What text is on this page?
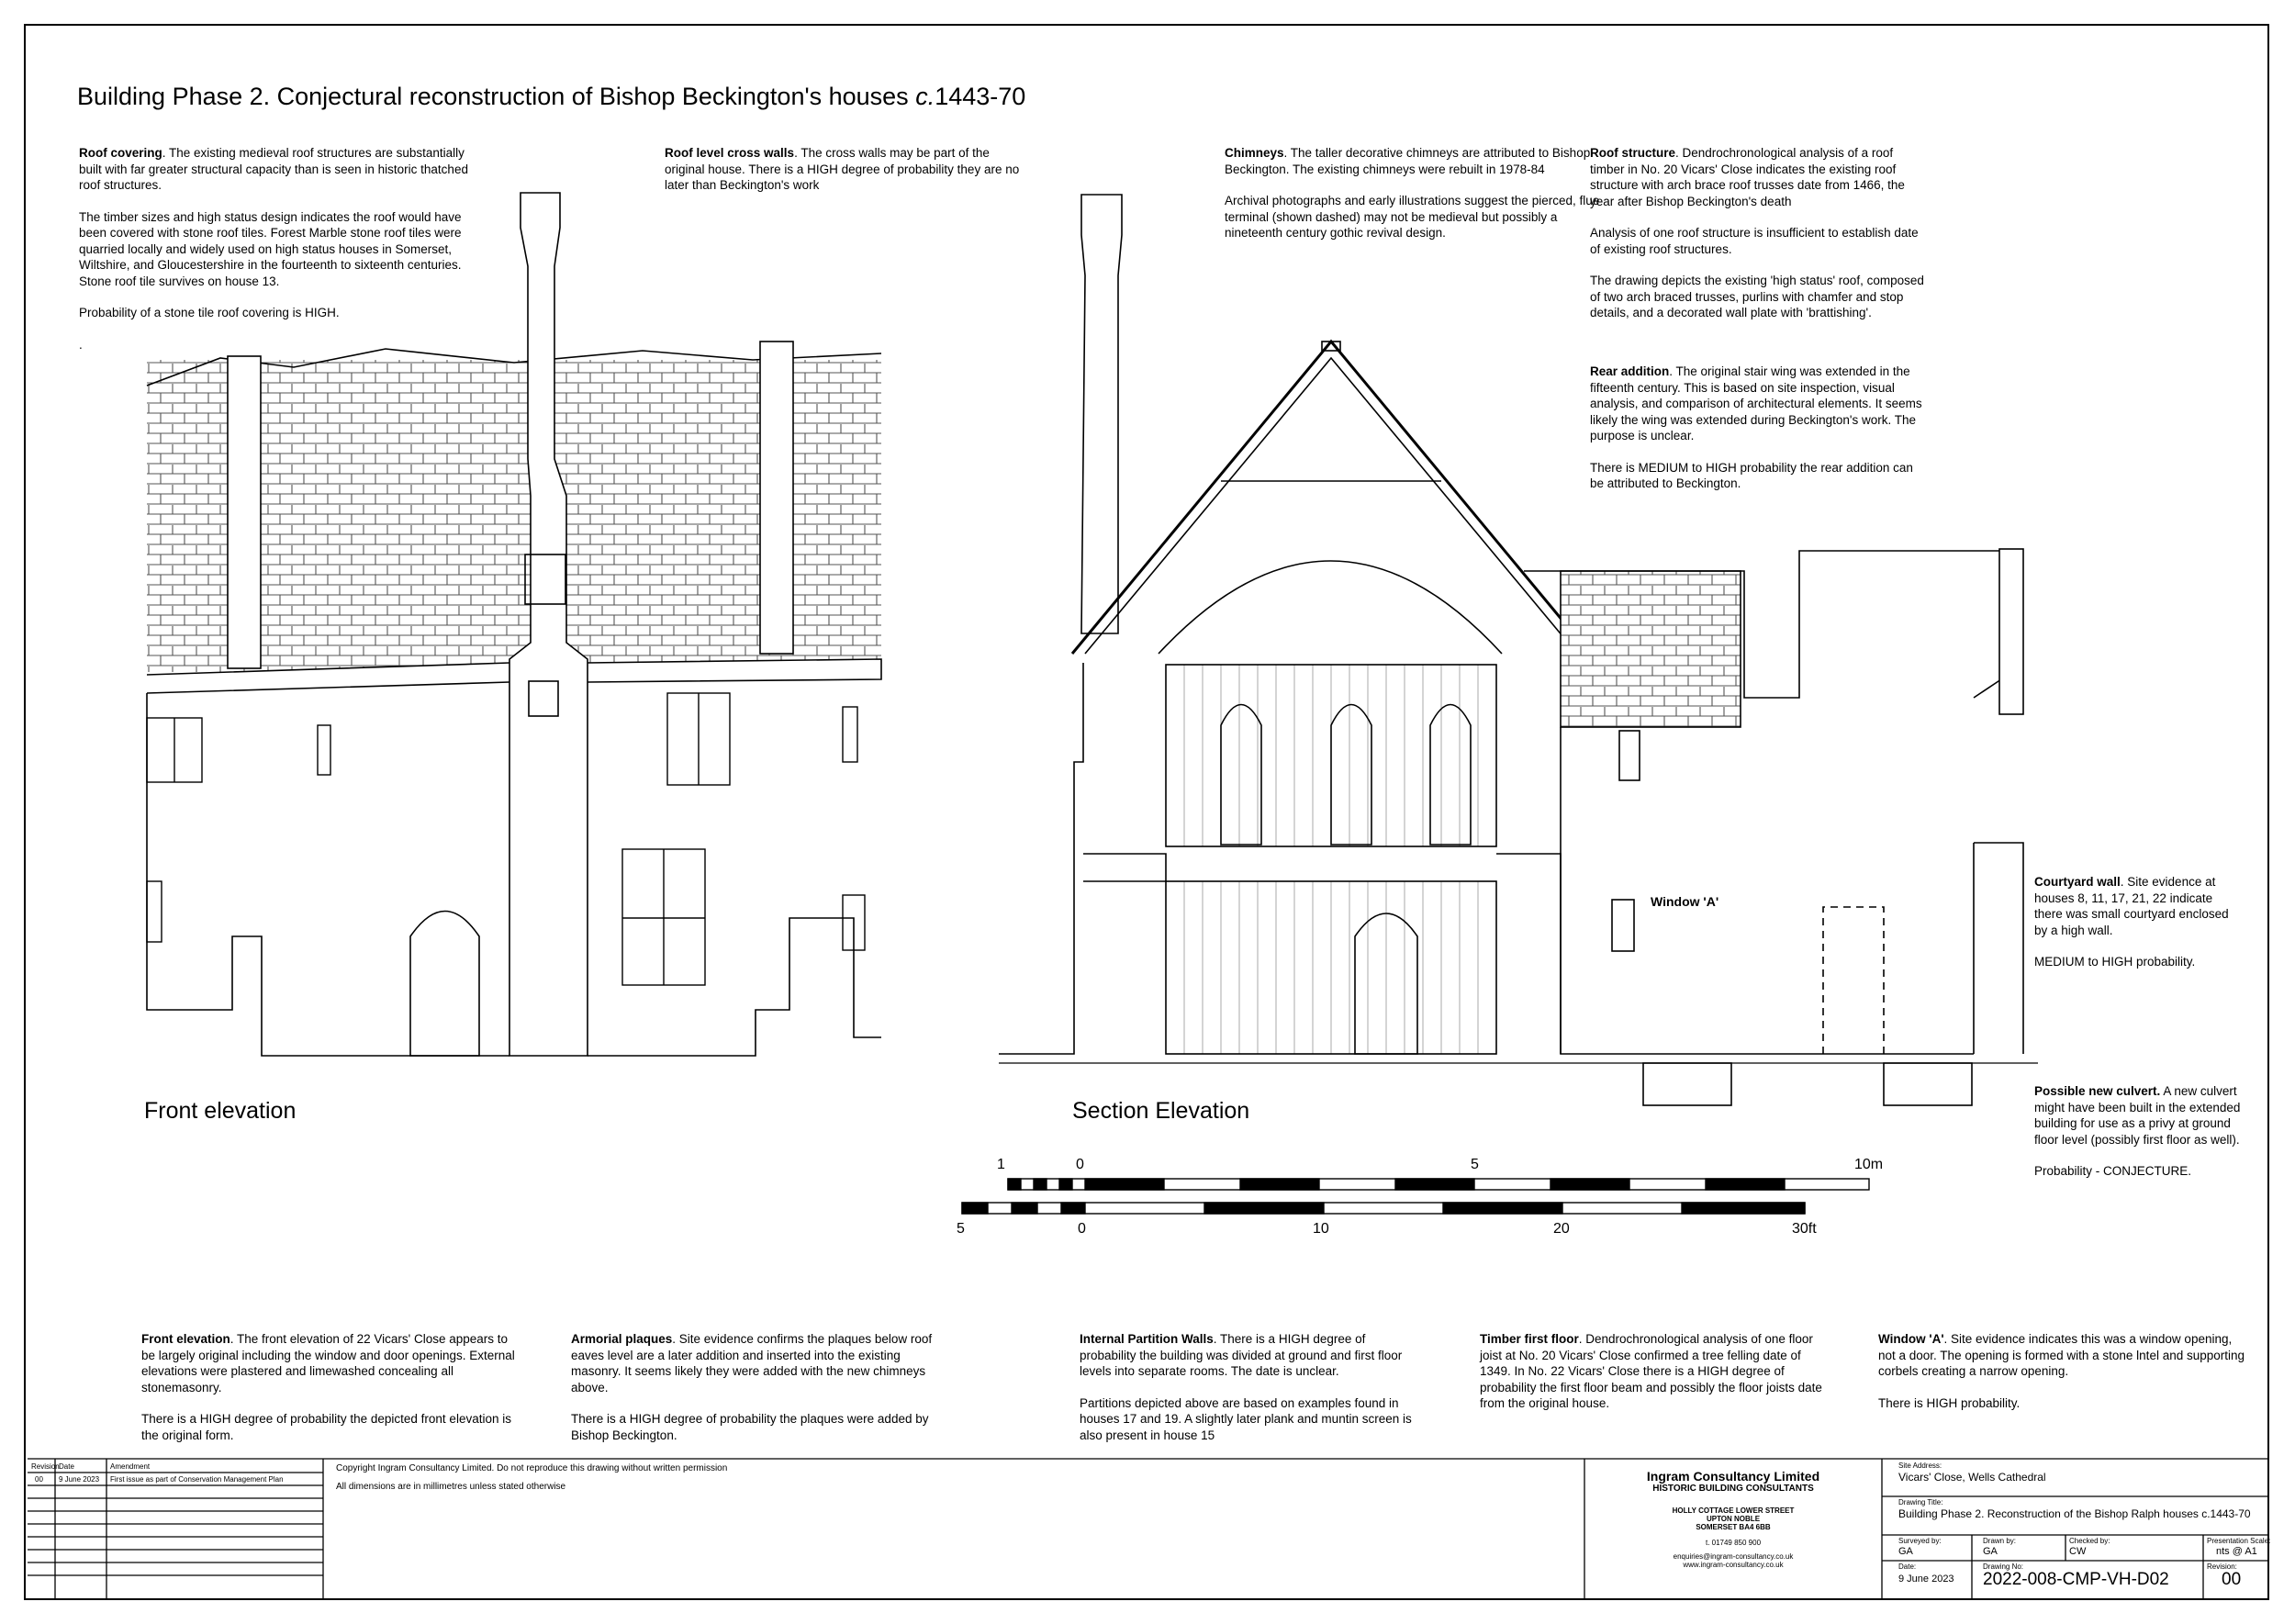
Building Phase 2. Conjectural reconstruction of Bishop Beckington's houses c.1443-70
Roof covering. The existing medieval roof structures are substantially built with far greater structural capacity than is seen in historic thatched roof structures.
The timber sizes and high status design indicates the roof would have been covered with stone roof tiles. Forest Marble stone roof tiles were quarried locally and widely used on high status houses in Somerset, Wiltshire, and Gloucestershire in the fourteenth to sixteenth centuries. Stone roof tile survives on house 13.
Probability of a stone tile roof covering is HIGH.
.
Roof level cross walls. The cross walls may be part of the original house. There is a HIGH degree of probability they are no later than Beckington's work
Chimneys. The taller decorative chimneys are attributed to Bishop Beckington. The existing chimneys were rebuilt in 1978-84
Archival photographs and early illustrations suggest the pierced, flue terminal (shown dashed) may not be medieval but possibly a nineteenth century gothic revival design.
Roof structure. Dendrochronological analysis of a roof timber in No. 20 Vicars' Close indicates the existing roof structure with arch brace roof trusses date from 1466, the year after Bishop Beckington's death
Analysis of one roof structure is insufficient to establish date of existing roof structures.
The drawing depicts the existing 'high status' roof, composed of two arch braced trusses, purlins with chamfer and stop details, and a decorated wall plate with 'brattishing'.
Rear addition. The original stair wing was extended in the fifteenth century. This is based on site inspection, visual analysis, and comparison of architectural elements. It seems likely the wing was extended during Beckington's work. The purpose is unclear.
There is MEDIUM to HIGH probability the rear addition can be attributed to Beckington.
Courtyard wall. Site evidence at houses 8, 11, 17, 21, 22 indicate there was small courtyard enclosed by a high wall.
MEDIUM to HIGH probability.
Possible new culvert. A new culvert might have been built in the extended building for use as a privy at ground floor level (possibly first floor as well).
Probability - CONJECTURE.
Front elevation. The front elevation of 22 Vicars' Close appears to be largely original including the window and door openings. External elevations were plastered and limewashed concealing all stonemasonry.
There is a HIGH degree of probability the depicted front elevation is the original form.
Armorial plaques. Site evidence confirms the plaques below roof eaves level are a later addition and inserted into the existing masonry. It seems likely they were added with the new chimneys above.
There is a HIGH degree of probability the plaques were added by Bishop Beckington.
Internal Partition Walls. There is a HIGH degree of probability the building was divided at ground and first floor levels into separate rooms. The date is unclear.
Partitions depicted above are based on examples found in houses 17 and 19. A slightly later plank and muntin screen is also present in house 15
Timber first floor. Dendrochronological analysis of one floor joist at No. 20 Vicars' Close confirmed a tree felling date of 1349. In No. 22 Vicars' Close there is a HIGH degree of probability the first floor beam and possibly the floor joists date from the original house.
Window 'A'. Site evidence indicates this was a window opening, not a door. The opening is formed with a stone lntel and supporting corbels creating a narrow opening.
There is HIGH probability.
Front elevation	Section Elevation
Window 'A'
1	0	5	10m
5	0	10	20	30ft
Revision Date	Amendment
00 9 June 2023 First issue as part of Conservation Management Plan
Copyright Ingram Consultancy Limited. Do not reproduce this drawing without written permission
All dimensions are in millimetres unless stated otherwise
Ingram Consultancy Limited
HISTORIC BUILDING CONSULTANTS
HOLLY COTTAGE LOWER STREET
UPTON NOBLE
SOMERSET BA4 6BB
t. 01749 850 900
enquiries@ingram-consultancy.co.uk
www.ingram-consultancy.co.uk
Site Address:
Vicars' Close, Wells Cathedral
Drawing Title:
Building Phase 2. Reconstruction of the Bishop Ralph houses c.1443-70
Surveyed by:
GA
Drawn by:
GA
Checked by:
CW
Presentation Scale:
nts @ A1
Date:
9 June 2023
Drawing No:
2022-008-CMP-VH-D02
Revision:
00
